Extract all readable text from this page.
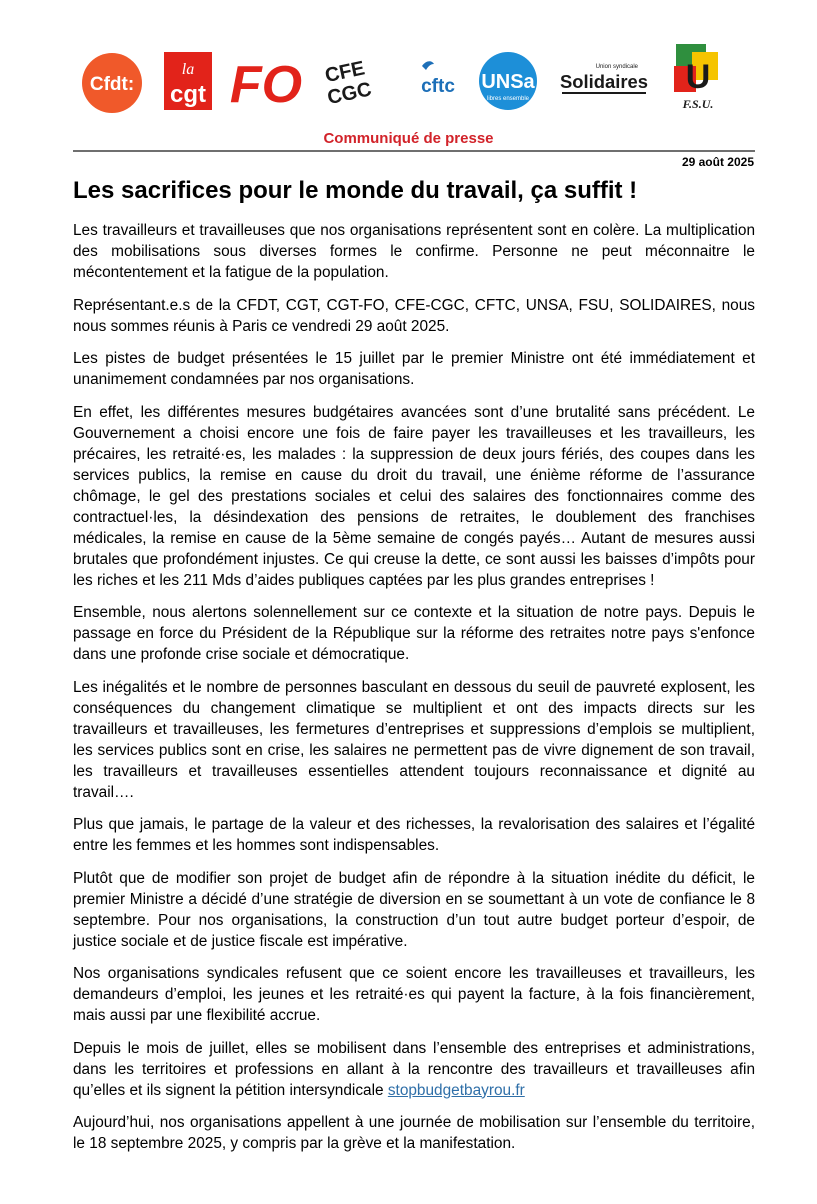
Cfdt:
la
cgt FO CFE
CGC	cftc UNSa
libres ensemble
Union syndicale
Solidaires U
F.S.U.
Communiqué de presse
29 août 2025
Les sacrifices pour le monde du travail, ça suffit !

Les travailleurs et travailleuses que nos organisations représentent sont en colère. La multiplication des mobilisations sous diverses formes le confirme. Personne ne peut méconnaitre le mécontentement et la fatigue de la population.

Représentant.e.s de la CFDT, CGT, CGT-FO, CFE-CGC, CFTC, UNSA, FSU, SOLIDAIRES, nous nous sommes réunis à Paris ce vendredi 29 août 2025.

Les pistes de budget présentées le 15 juillet par le premier Ministre ont été immédiatement et unanimement condamnées par nos organisations.

En effet, les différentes mesures budgétaires avancées sont d’une brutalité sans précédent. Le Gouvernement a choisi encore une fois de faire payer les travailleuses et les travailleurs, les précaires, les retraité·es, les malades : la suppression de deux jours fériés, des coupes dans les services publics, la remise en cause du droit du travail, une énième réforme de l’assurance chômage, le gel des prestations sociales et celui des salaires des fonctionnaires comme des contractuel·les, la désindexation des pensions de retraites, le doublement des franchises médicales, la remise en cause de la 5ème semaine de congés payés… Autant de mesures aussi brutales que profondément injustes. Ce qui creuse la dette, ce sont aussi les baisses d’impôts pour les riches et les 211 Mds d’aides publiques captées par les plus grandes entreprises !

Ensemble, nous alertons solennellement sur ce contexte et la situation de notre pays. Depuis le passage en force du Président de la République sur la réforme des retraites notre pays s'enfonce dans une profonde crise sociale et démocratique.

Les inégalités et le nombre de personnes basculant en dessous du seuil de pauvreté explosent, les conséquences du changement climatique se multiplient et ont des impacts directs sur les travailleurs et travailleuses, les fermetures d’entreprises et suppressions d’emplois se multiplient, les services publics sont en crise, les salaires ne permettent pas de vivre dignement de son travail, les travailleurs et travailleuses essentielles attendent toujours reconnaissance et dignité au travail….

Plus que jamais, le partage de la valeur et des richesses, la revalorisation des salaires et l’égalité entre les femmes et les hommes sont indispensables.

Plutôt que de modifier son projet de budget afin de répondre à la situation inédite du déficit, le premier Ministre a décidé d’une stratégie de diversion en se soumettant à un vote de confiance le 8 septembre. Pour nos organisations, la construction d’un tout autre budget porteur d’espoir, de justice sociale et de justice fiscale est impérative.

Nos organisations syndicales refusent que ce soient encore les travailleuses et travailleurs, les demandeurs d’emploi, les jeunes et les retraité·es qui payent la facture, à la fois financièrement, mais aussi par une flexibilité accrue.

Depuis le mois de juillet, elles se mobilisent dans l’ensemble des entreprises et administrations, dans les territoires et professions en allant à la rencontre des travailleurs et travailleuses afin qu’elles et ils signent la pétition intersyndicale stopbudgetbayrou.fr

Aujourd’hui, nos organisations appellent à une journée de mobilisation sur l’ensemble du territoire, le 18 septembre 2025, y compris par la grève et la manifestation.
